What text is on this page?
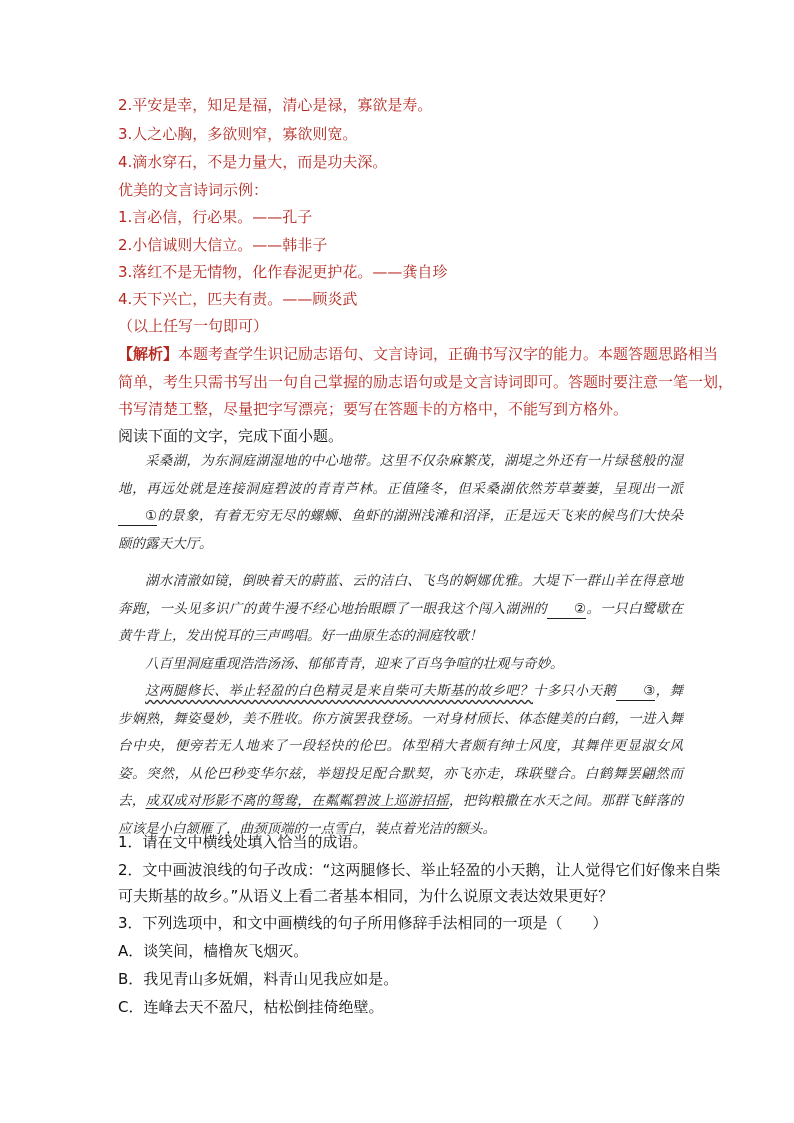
2.平安是幸，知足是福，清心是禄，寡欲是寿。
3.人之心胸，多欲则窄，寡欲则宽。
4.滴水穿石，不是力量大，而是功夫深。
优美的文言诗词示例：
1.言必信，行必果。——孔子
2.小信诚则大信立。——韩非子
3.落红不是无情物，化作春泥更护花。——龚自珍
4.天下兴亡，匹夫有责。——顾炎武
（以上任写一句即可）
【解析】本题考查学生识记励志语句、文言诗词，正确书写汉字的能力。本题答题思路相当
简单，考生只需书写出一句自己掌握的励志语句或是文言诗词即可。答题时要注意一笔一划，
书写清楚工整，尽量把字写漂亮；要写在答题卡的方格中，不能写到方格外。
阅读下面的文字，完成下面小题。

采桑湖，为东洞庭湖湿地的中心地带。这里不仅杂麻繁茂，湖堤之外还有一片绿毯般的湿地，再远处就是连接洞庭碧波的青青芦林。正值隆冬，但采桑湖依然芳草萋萋，呈现出一派①的景象，有着无穷无尽的螺蛳、鱼虾的湖洲浅滩和沼泽，正是远天飞来的候鸟们大快朵颐的露天大厅。

湖水清澈如镜，倒映着天的蔚蓝、云的洁白、飞鸟的婀娜优雅。大堤下一群山羊在得意地奔跑，一头见多识广的黄牛漫不经心地抬眼瞟了一眼我这个闯入湖洲的 ②。一只白鹭歇在黄牛背上，发出悦耳的三声鸣唱。好一曲原生态的洞庭牧歌！

八百里洞庭重现浩浩汤汤、郁郁青青，迎来了百鸟争喧的壮观与奇妙。

这两腿修长、举止轻盈的白色精灵是来自柴可夫斯基的故乡吧？十多只小天鹅 ③，舞步娴熟，舞姿曼妙，美不胜收。你方演罢我登场。一对身材颀长、体态健美的白鹤，一进入舞台中央，便旁若无人地来了一段轻快的伦巴。体型稍大者颇有绅士风度，其舞伴更显淑女风姿。突然，从伦巴秒变华尔兹，举翅投足配合默契，亦飞亦走，珠联璧合。白鹤舞罢翩然而去，成双成对形影不离的鸳鸯，在粼粼碧波上巡游招摇，把钩粮撒在水天之间。那群飞鲜落的应该是小白颔雁了，曲颈顶端的一点雪白，装点着光洁的额头。

1．请在文中横线处填入恰当的成语。
2．文中画波浪线的句子改成：“这两腿修长、举止轻盈的小天鹅，让人觉得它们好像来自柴
可夫斯基的故乡。”从语义上看二者基本相同，为什么说原文表达效果更好？
3．下列选项中，和文中画横线的句子所用修辞手法相同的一项是（　　）
A．谈笑间，樯橹灰飞烟灭。
B．我见青山多妩媚，料青山见我应如是。
C．连峰去天不盈尺，枯松倒挂倚绝壁。
